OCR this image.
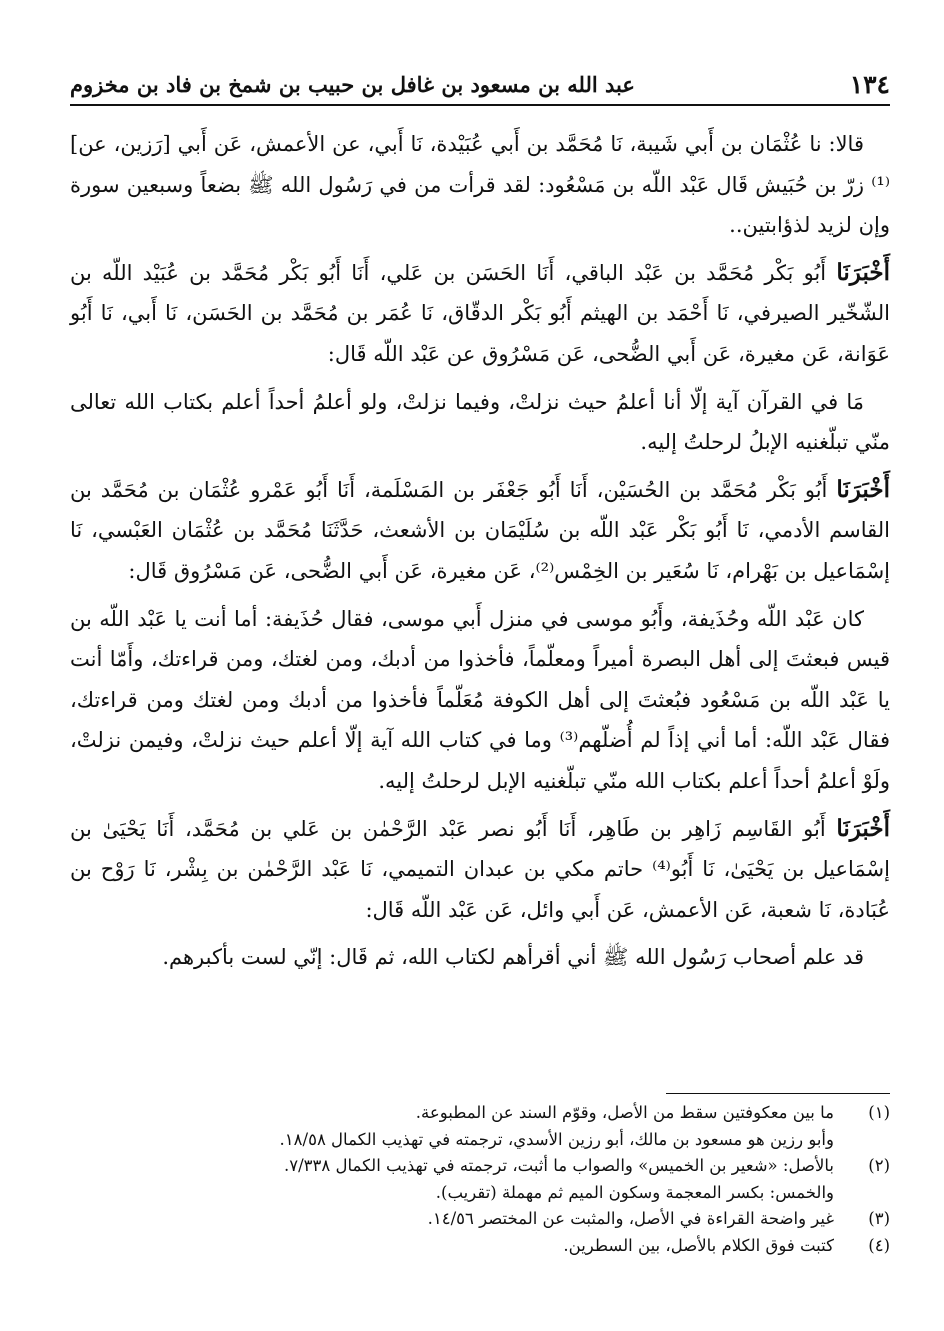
١٣٤
عبد الله بن مسعود بن غافل بن حبيب بن شمخ بن فاد بن مخزوم

قالا: نا عُثْمَان بن أَبي شَيبة، نَا مُحَمَّد بن أَبي عُبَيْدة، نَا أَبي، عن الأعمش، عَن أَبي [رَزين، عن]⁽¹⁾ زرّ بن حُبَيش قَال عَبْد اللّه بن مَسْعُود: لقد قرأت من في رَسُول الله ﷺ بضعاً وسبعين سورة وإن لزيد لذؤابتين..

أَخْبَرَنَا أَبُو بَكْر مُحَمَّد بن عَبْد الباقي، أَنَا الحَسَن بن عَلي، أَنَا أَبُو بَكْر مُحَمَّد بن عُبَيْد اللّه بن الشّخّير الصيرفي، نَا أَحْمَد بن الهيثم أَبُو بَكْر الدقّاق، نَا عُمَر بن مُحَمَّد بن الحَسَن، نَا أَبي، نَا أَبُو عَوَانة، عَن مغيرة، عَن أَبي الضُّحى، عَن مَسْرُوق عن عَبْد اللّه قَال:

مَا في القرآن آية إلّا أنا أعلمُ حيث نزلتْ، وفيما نزلتْ، ولو أعلمُ أحداً أعلم بكتاب الله تعالى منّي تبلّغنيه الإبلُ لرحلتُ إليه.

أَخْبَرَنَا أَبُو بَكْر مُحَمَّد بن الحُسَيْن، أَنَا أَبُو جَعْفَر بن المَسْلَمة، أَنَا أَبُو عَمْرو عُثْمَان بن مُحَمَّد بن القاسم الأدمي، نَا أَبُو بَكْر عَبْد اللّه بن سُلَيْمَان بن الأشعث، حَدَّثَنَا مُحَمَّد بن عُثْمَان العَبْسي، نَا إسْمَاعيل بن بَهْرام، نَا سُعَير بن الخِمْس⁽²⁾، عَن مغيرة، عَن أَبي الضُّحى، عَن مَسْرُوق قَال:

كان عَبْد اللّه وحُذَيفة، وأَبُو موسى في منزل أَبي موسى، فقال حُذَيفة: أما أنت يا عَبْد اللّه بن قيس فبعثتَ إلى أهل البصرة أميراً ومعلّماً، فأخذوا من أدبك، ومن لغتك، ومن قراءتك، وأَمّا أنت يا عَبْد اللّه بن مَسْعُود فبُعثتَ إلى أهل الكوفة مُعَلّماً فأخذوا من أدبك ومن لغتك ومن قراءتك، فقال عَبْد اللّه: أما أني إذاً لم أُضلّهم⁽³⁾ وما في كتاب الله آية إلّا أعلم حيث نزلتْ، وفيمن نزلتْ، ولَوْ أعلمُ أحداً أعلم بكتاب الله منّي تبلّغنيه الإبل لرحلتُ إليه.

أَخْبَرَنَا أَبُو القَاسِم زَاهِر بن طَاهِر، أَنَا أَبُو نصر عَبْد الرَّحْمٰن بن عَلي بن مُحَمَّد، أَنَا يَحْيَىٰ بن إسْمَاعيل بن يَحْيَىٰ، نَا أَبُو⁽⁴⁾ حاتم مكي بن عبدان التميمي، نَا عَبْد الرَّحْمٰن بن بِشْر، نَا رَوْح بن عُبَادة، نَا شعبة، عَن الأعمش، عَن أَبي وائل، عَن عَبْد اللّه قَال:

قد علم أصحاب رَسُول الله ﷺ أني أقرأهم لكتاب الله، ثم قَال: إنّي لست بأكبرهم.

(١)
ما بين معكوفتين سقط من الأصل، وقوّم السند عن المطبوعة.

وأبو رزين هو مسعود بن مالك، أبو رزين الأسدي، ترجمته في تهذيب الكمال ١٨/٥٨.

(٢)
بالأصل: «شعير بن الخميس» والصواب ما أثبت، ترجمته في تهذيب الكمال ٧/٣٣٨.

والخمس: بكسر المعجمة وسكون الميم ثم مهملة (تقريب).

(٣)
غير واضحة القراءة في الأصل، والمثبت عن المختصر ١٤/٥٦.

(٤)
كتبت فوق الكلام بالأصل، بين السطرين.
